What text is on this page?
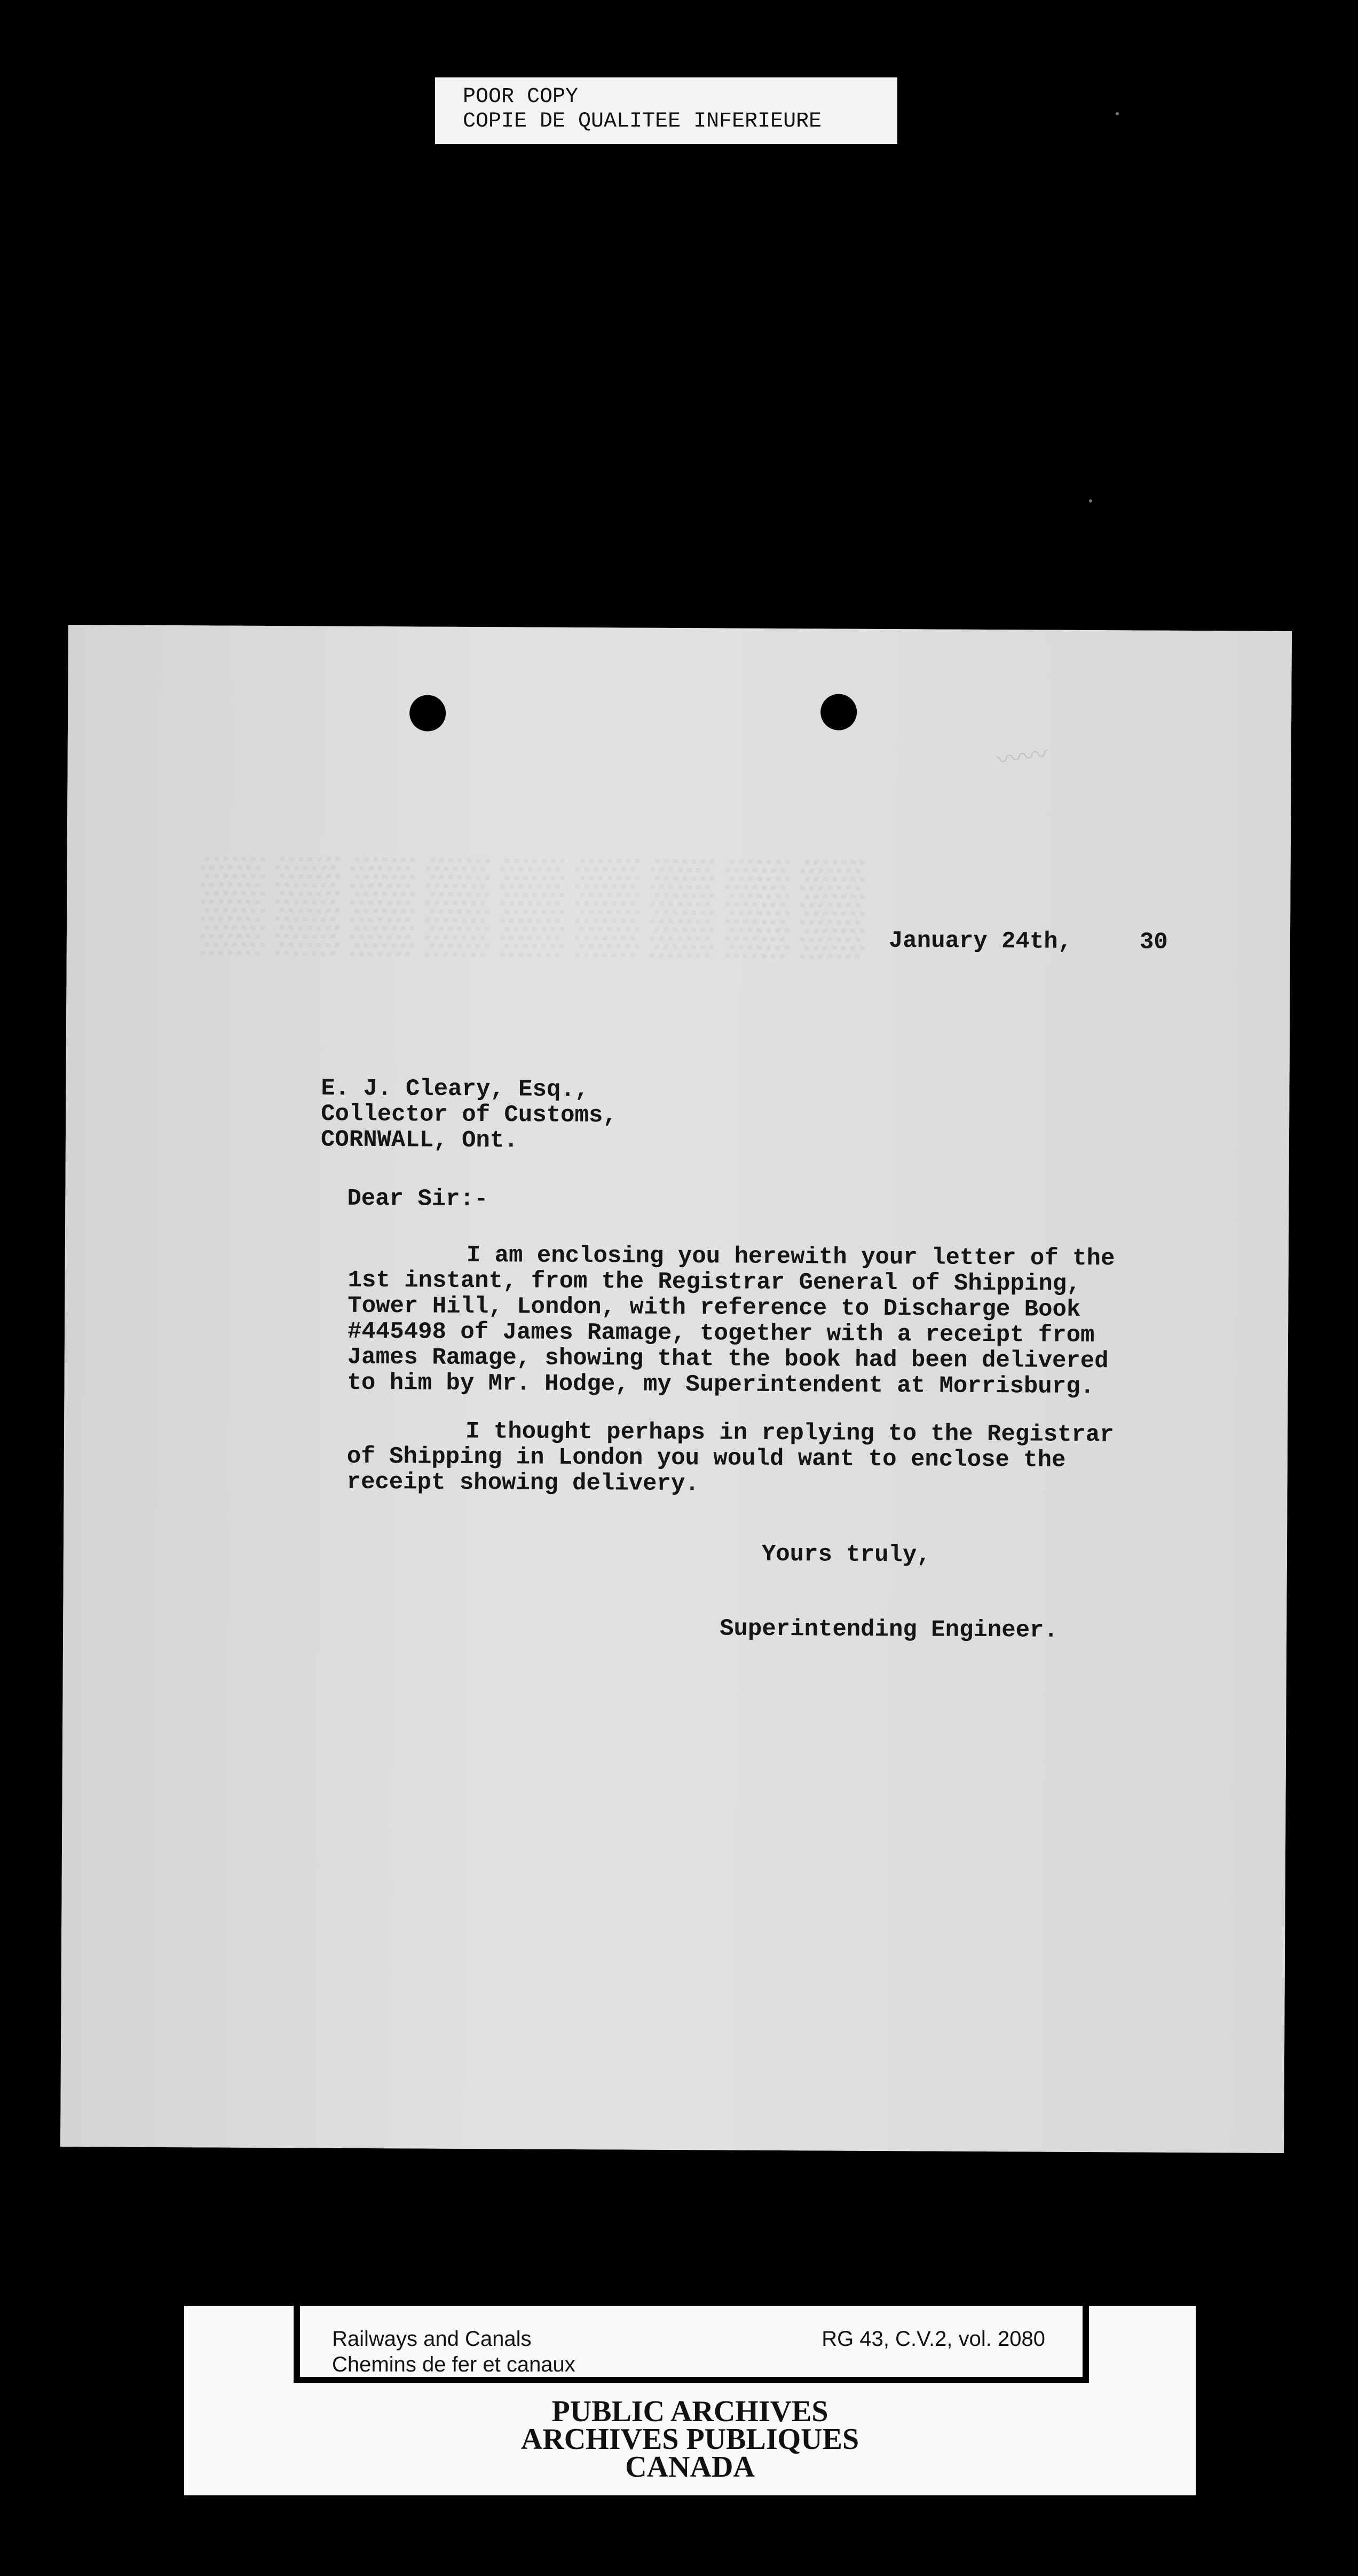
POOR COPY
COPIE DE QUALITEE INFERIEURE
〰〰
January 24th,	30
E. J. Cleary, Esq.,
Collector of Customs,
CORNWALL, Ont.
Dear Sir:-
I am enclosing you herewith your letter of the
1st instant, from the Registrar General of Shipping,
Tower Hill, London, with reference to Discharge Book
#445498 of James Ramage, together with a receipt from
James Ramage, showing that the book had been delivered
to him by Mr. Hodge, my Superintendent at Morrisburg.
I thought perhaps in replying to the Registrar
of Shipping in London you would want to enclose the
receipt showing delivery.
Yours truly,
Superintending Engineer.
Railways and Canals
Chemins de fer et canaux
RG 43, C.V.2, vol. 2080
PUBLIC ARCHIVES
ARCHIVES PUBLIQUES
CANADA
